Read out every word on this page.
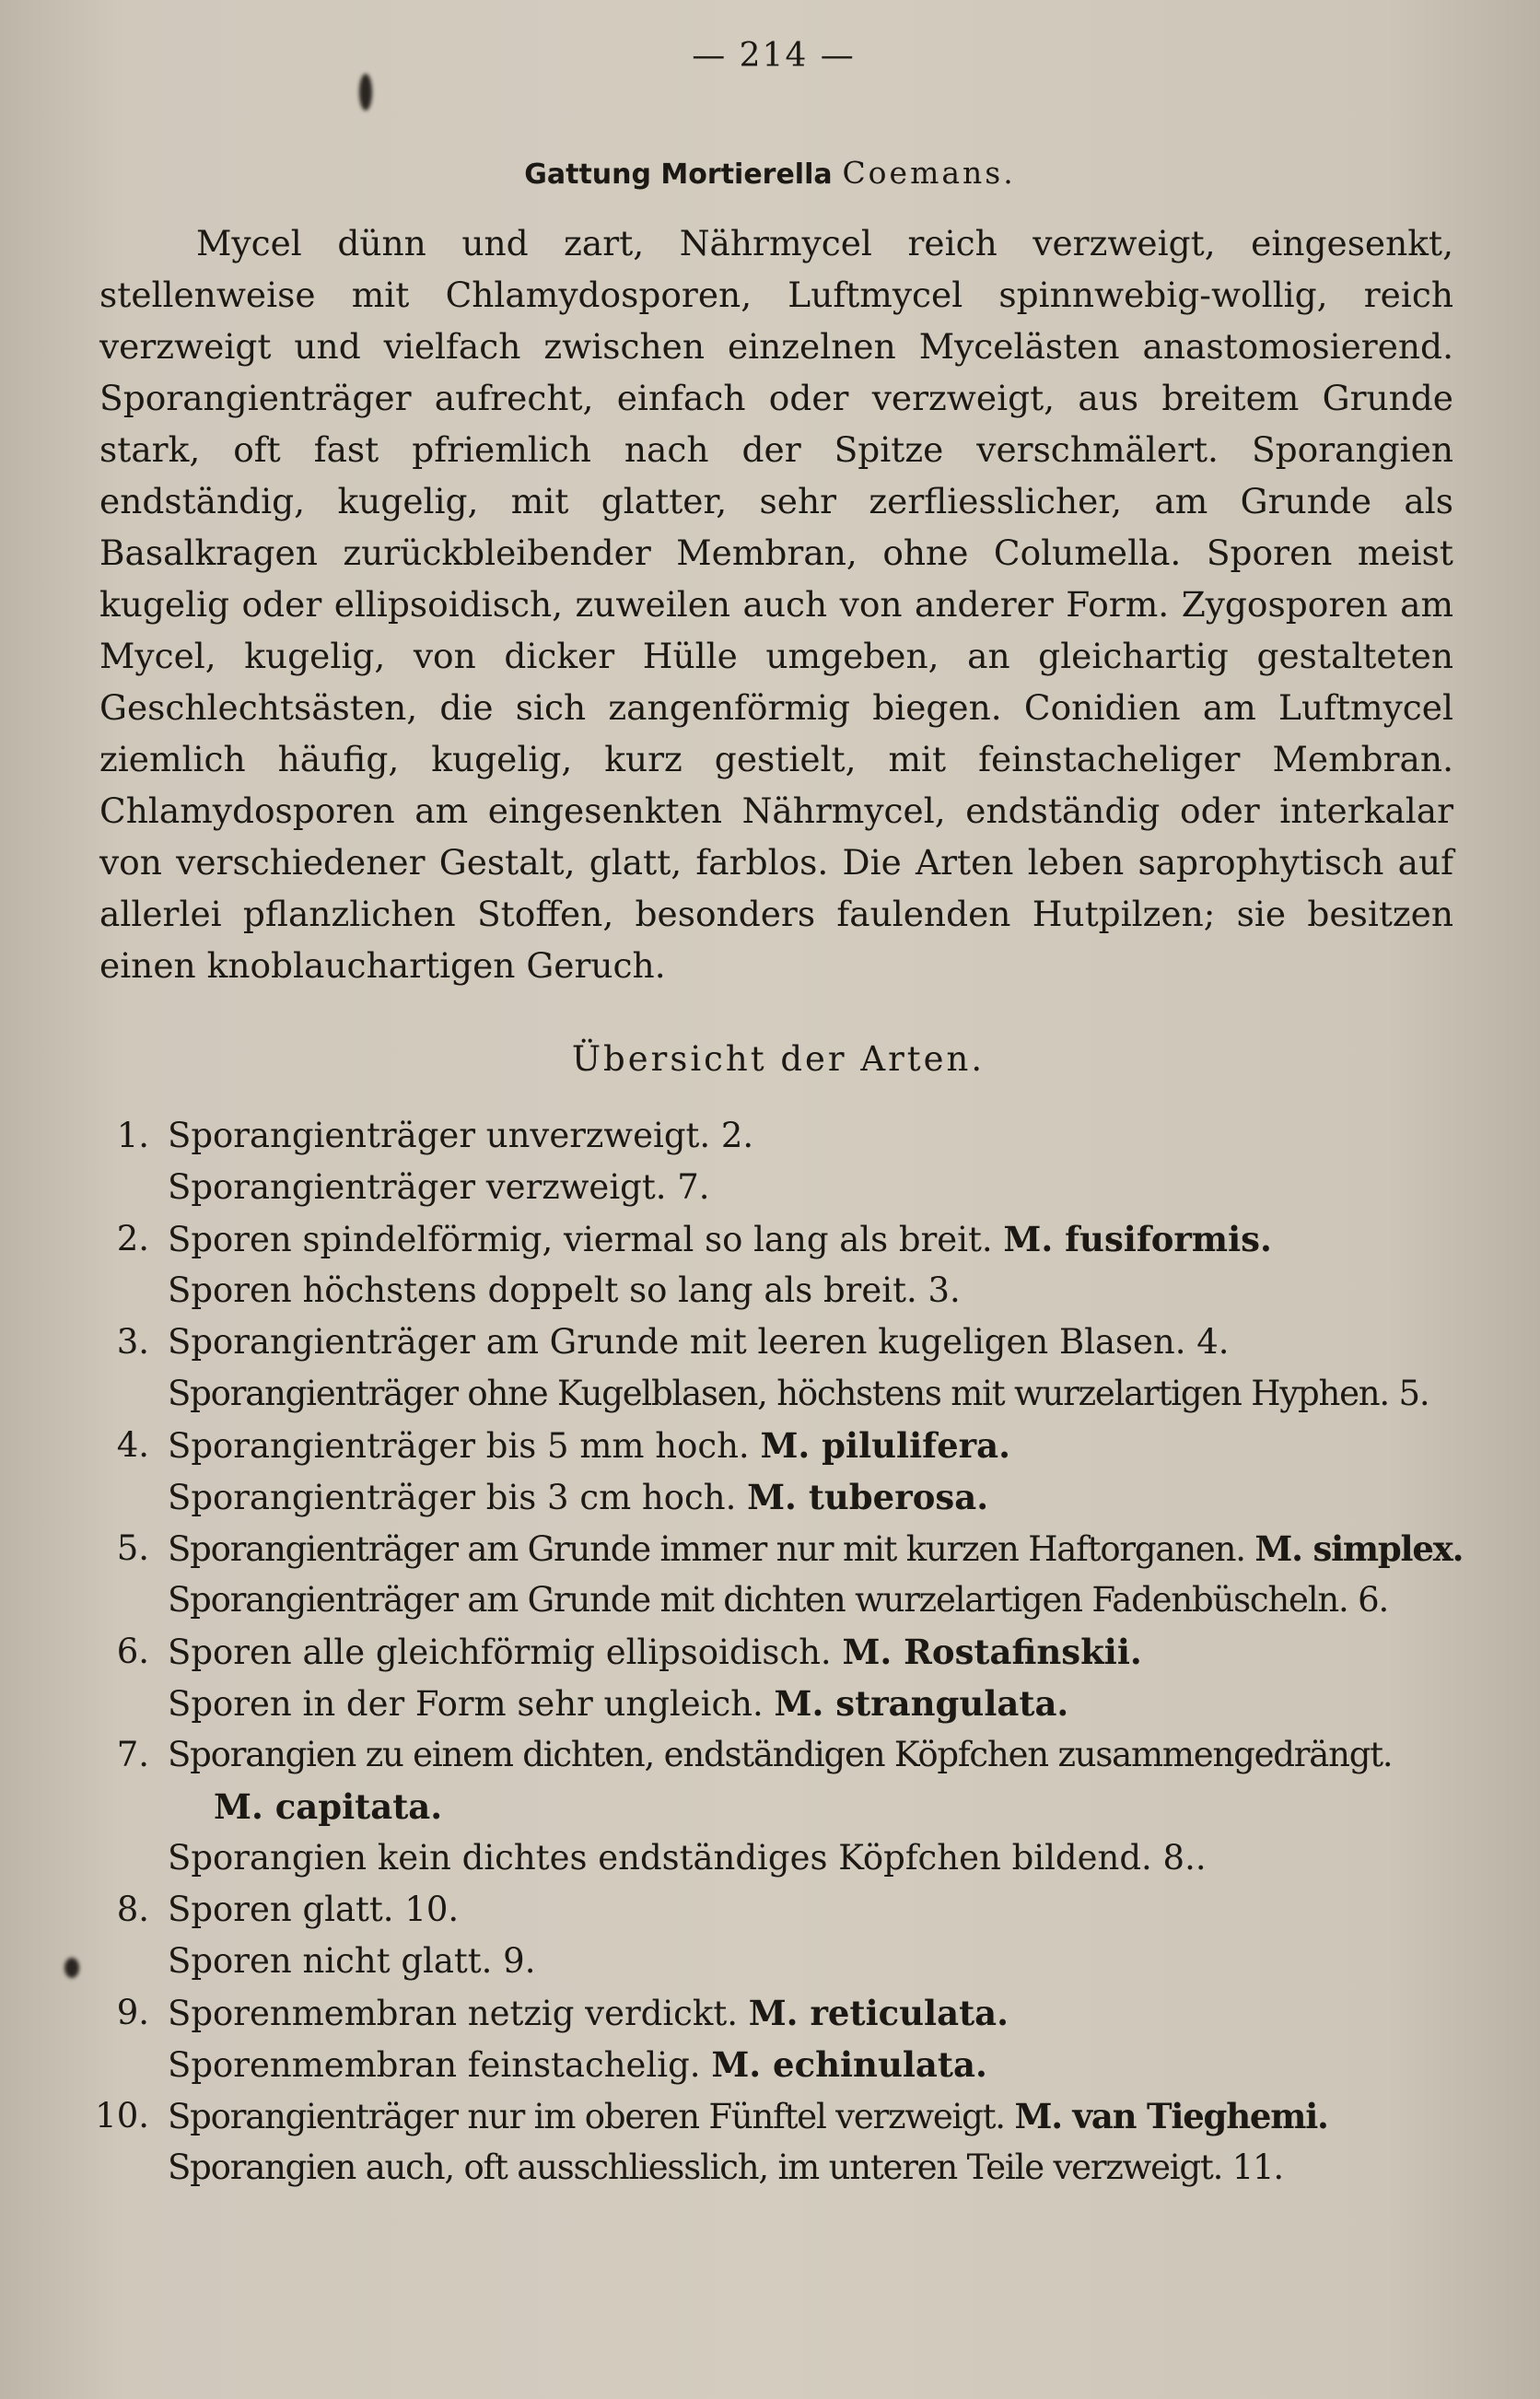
— 214 —
Gattung Mortierella Coemans.
Mycel dünn und zart, Nährmycel reich verzweigt, eingesenkt, stellenweise mit Chlamydosporen, Luftmycel spinnwebig-wollig, reich verzweigt und vielfach zwischen einzelnen Mycelästen anastomosierend. Sporangienträger aufrecht, einfach oder verzweigt, aus breitem Grunde stark, oft fast pfriemlich nach der Spitze verschmälert. Sporangien endständig, kugelig, mit glatter, sehr zerfliesslicher, am Grunde als Basalkragen zurückbleibender Membran, ohne Columella. Sporen meist kugelig oder ellipsoidisch, zuweilen auch von anderer Form. Zygosporen am Mycel, kugelig, von dicker Hülle umgeben, an gleichartig gestalteten Geschlechtsästen, die sich zangenförmig biegen. Conidien am Luftmycel ziemlich häufig, kugelig, kurz gestielt, mit feinstacheliger Membran. Chlamydosporen am eingesenkten Nährmycel, endständig oder interkalar von verschiedener Gestalt, glatt, farblos. Die Arten leben saprophytisch auf allerlei pflanzlichen Stoffen, besonders faulenden Hutpilzen; sie besitzen einen knoblauchartigen Geruch.
Übersicht der Arten.
1. Sporangienträger unverzweigt. 2.
Sporangienträger verzweigt. 7.
2. Sporen spindelförmig, viermal so lang als breit. M. fusiformis.
Sporen höchstens doppelt so lang als breit. 3.
3. Sporangienträger am Grunde mit leeren kugeligen Blasen. 4.
Sporangienträger ohne Kugelblasen, höchstens mit wurzelartigen Hyphen. 5.
4. Sporangienträger bis 5 mm hoch. M. pilulifera.
Sporangienträger bis 3 cm hoch. M. tuberosa.
5. Sporangienträger am Grunde immer nur mit kurzen Haftorganen. M. simplex.
Sporangienträger am Grunde mit dichten wurzelartigen Fadenbüscheln. 6.
6. Sporen alle gleichförmig ellipsoidisch. M. Rostafinskii.
Sporen in der Form sehr ungleich. M. strangulata.
7. Sporangien zu einem dichten, endständigen Köpfchen zusammengedrängt.
M. capitata.
Sporangien kein dichtes endständiges Köpfchen bildend. 8..
8. Sporen glatt. 10.
Sporen nicht glatt. 9.
9. Sporenmembran netzig verdickt. M. reticulata.
Sporenmembran feinstachelig. M. echinulata.
10. Sporangienträger nur im oberen Fünftel verzweigt. M. van Tieghemi.
Sporangien auch, oft ausschliesslich, im unteren Teile verzweigt. 11.
